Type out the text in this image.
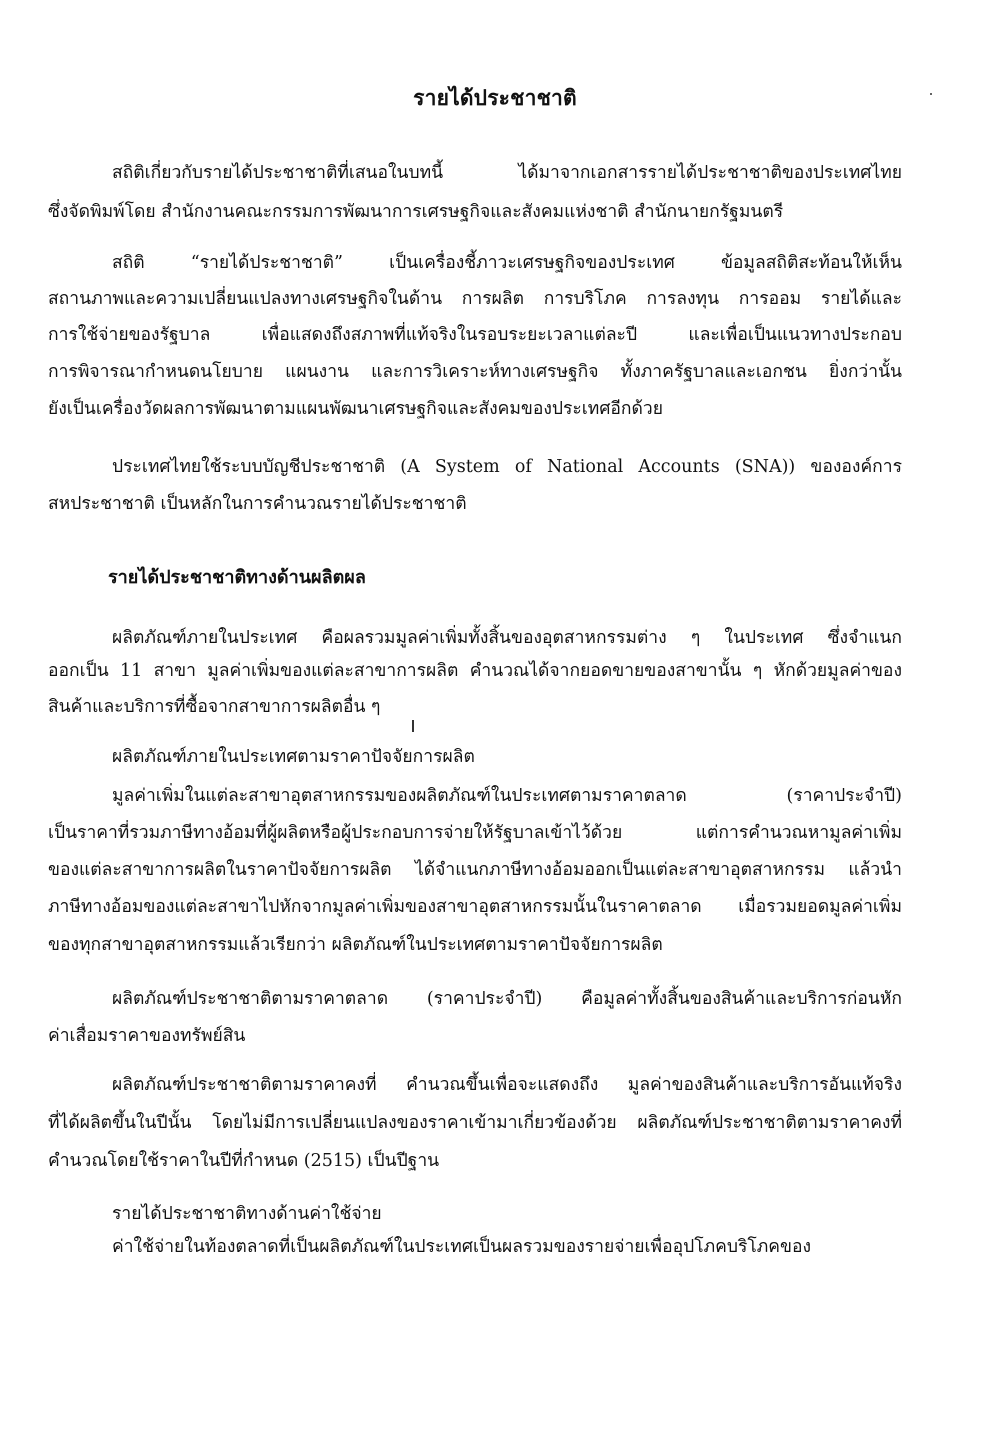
รายได้ประชาชาติ
สถิติเกี่ยวกับรายได้ประชาชาติที่เสนอในบทนี้ ได้มาจากเอกสารรายได้ประชาชาติของประเทศไทย
ซึ่งจัดพิมพ์โดย สำนักงานคณะกรรมการพัฒนาการเศรษฐกิจและสังคมแห่งชาติ สำนักนายกรัฐมนตรี
สถิติ “รายได้ประชาชาติ” เป็นเครื่องชี้ภาวะเศรษฐกิจของประเทศ ข้อมูลสถิติสะท้อนให้เห็น
สถานภาพและความเปลี่ยนแปลงทางเศรษฐกิจในด้าน การผลิต การบริโภค การลงทุน การออม รายได้และ
การใช้จ่ายของรัฐบาล เพื่อแสดงถึงสภาพที่แท้จริงในรอบระยะเวลาแต่ละปี และเพื่อเป็นแนวทางประกอบ
การพิจารณากำหนดนโยบาย แผนงาน และการวิเคราะห์ทางเศรษฐกิจ ทั้งภาครัฐบาลและเอกชน ยิ่งกว่านั้น
ยังเป็นเครื่องวัดผลการพัฒนาตามแผนพัฒนาเศรษฐกิจและสังคมของประเทศอีกด้วย
ประเทศไทยใช้ระบบบัญชีประชาชาติ (A System of National Accounts (SNA)) ขององค์การ
สหประชาชาติ เป็นหลักในการคำนวณรายได้ประชาชาติ
รายได้ประชาชาติทางด้านผลิตผล
ผลิตภัณฑ์ภายในประเทศ คือผลรวมมูลค่าเพิ่มทั้งสิ้นของอุตสาหกรรมต่าง ๆ ในประเทศ ซึ่งจำแนก
ออกเป็น 11 สาขา มูลค่าเพิ่มของแต่ละสาขาการผลิต คำนวณได้จากยอดขายของสาขานั้น ๆ หักด้วยมูลค่าของ
สินค้าและบริการที่ซื้อจากสาขาการผลิตอื่น ๆ
ผลิตภัณฑ์ภายในประเทศตามราคาปัจจัยการผลิต
มูลค่าเพิ่มในแต่ละสาขาอุตสาหกรรมของผลิตภัณฑ์ในประเทศตามราคาตลาด (ราคาประจำปี)
เป็นราคาที่รวมภาษีทางอ้อมที่ผู้ผลิตหรือผู้ประกอบการจ่ายให้รัฐบาลเข้าไว้ด้วย แต่การคำนวณหามูลค่าเพิ่ม
ของแต่ละสาขาการผลิตในราคาปัจจัยการผลิต ได้จำแนกภาษีทางอ้อมออกเป็นแต่ละสาขาอุตสาหกรรม แล้วนำ
ภาษีทางอ้อมของแต่ละสาขาไปหักจากมูลค่าเพิ่มของสาขาอุตสาหกรรมนั้นในราคาตลาด เมื่อรวมยอดมูลค่าเพิ่ม
ของทุกสาขาอุตสาหกรรมแล้วเรียกว่า ผลิตภัณฑ์ในประเทศตามราคาปัจจัยการผลิต
ผลิตภัณฑ์ประชาชาติตามราคาตลาด (ราคาประจำปี) คือมูลค่าทั้งสิ้นของสินค้าและบริการก่อนหัก
ค่าเสื่อมราคาของทรัพย์สิน
ผลิตภัณฑ์ประชาชาติตามราคาคงที่ คำนวณขึ้นเพื่อจะแสดงถึง มูลค่าของสินค้าและบริการอันแท้จริง
ที่ได้ผลิตขึ้นในปีนั้น โดยไม่มีการเปลี่ยนแปลงของราคาเข้ามาเกี่ยวข้องด้วย ผลิตภัณฑ์ประชาชาติตามราคาคงที่
คำนวณโดยใช้ราคาในปีที่กำหนด (2515) เป็นปีฐาน
รายได้ประชาชาติทางด้านค่าใช้จ่าย
ค่าใช้จ่ายในท้องตลาดที่เป็นผลิตภัณฑ์ในประเทศเป็นผลรวมของรายจ่ายเพื่ออุปโภคบริโภคของ
